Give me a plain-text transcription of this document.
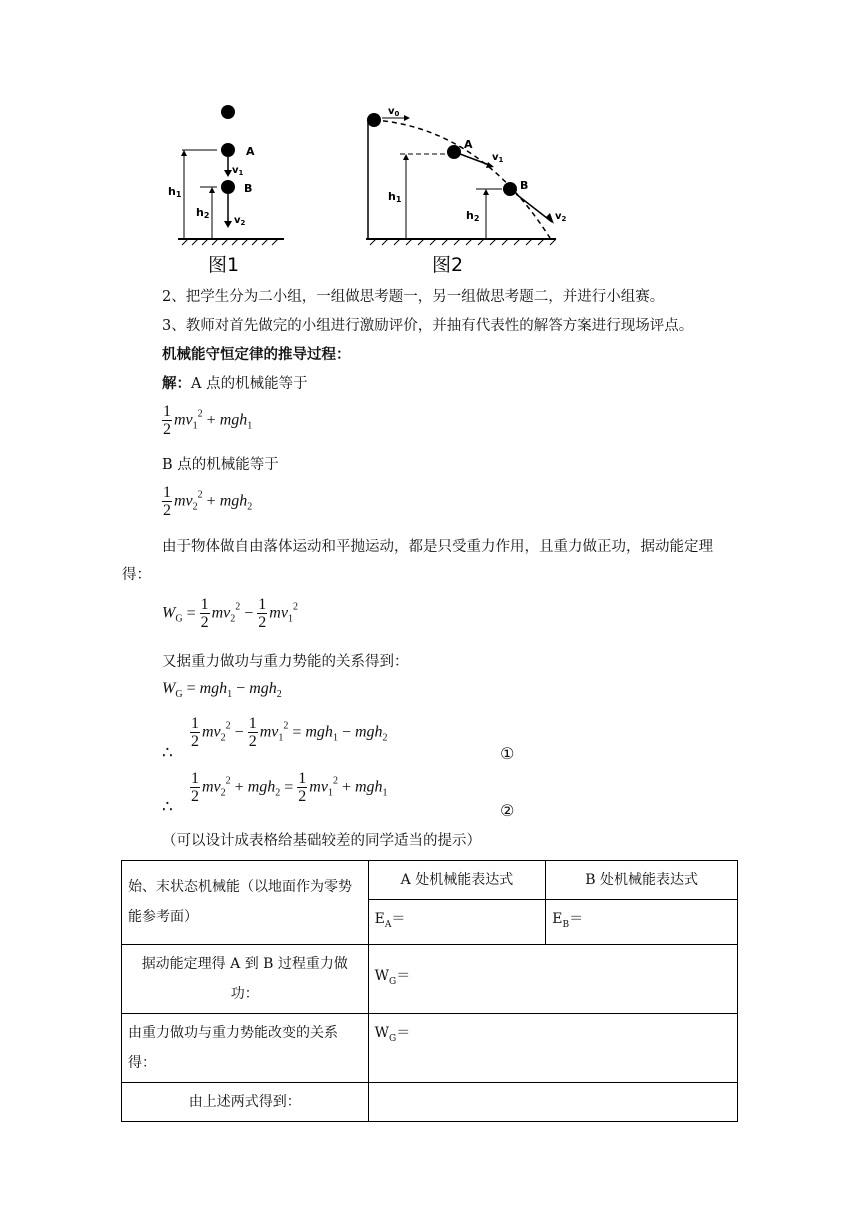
A
B
$v_1$
$v_2$
h1
h2
图1
$v_0$
A
B
$v_1$
$v_2$
h1
h2
图2
2、把学生分为二小组，一组做思考题一，另一组做思考题二，并进行小组赛。
3、教师对首先做完的小组进行激励评价，并抽有代表性的解答方案进行现场评点。
机械能守恒定律的推导过程：
解：A 点的机械能等于
$\frac{1}{2} mv_1^2 + mgh_1$
B 点的机械能等于
$\frac{1}{2} mv_2^2 + mgh_2$
由于物体做自由落体运动和平抛运动，都是只受重力作用，且重力做正功，据动能定理
得：
$W_G = \frac{1}{2} mv_2^2 - \frac{1}{2} mv_1^2$
又据重力做功与重力势能的关系得到：
$W_G = mgh_1 - mgh_2$
∴
$\frac{1}{2} mv_2^2 - \frac{1}{2} mv_1^2 = mgh_1 - mgh_2$
①
∴
$\frac{1}{2} mv_2^2 + mgh_2 = \frac{1}{2} mv_1^2 + mgh_1$
②
（可以设计成表格给基础较差的同学适当的提示）
始、末状态机械能（以地面作为零势能参考面）	A 处机械能表达式	B 处机械能表达式
	$E_A=$	$E_B=$
据动能定理得 A 到 B 过程重力做功：	$W_G=$	
由重力做功与重力势能改变的关系得：	$W_G=$	
由上述两式得到：		
